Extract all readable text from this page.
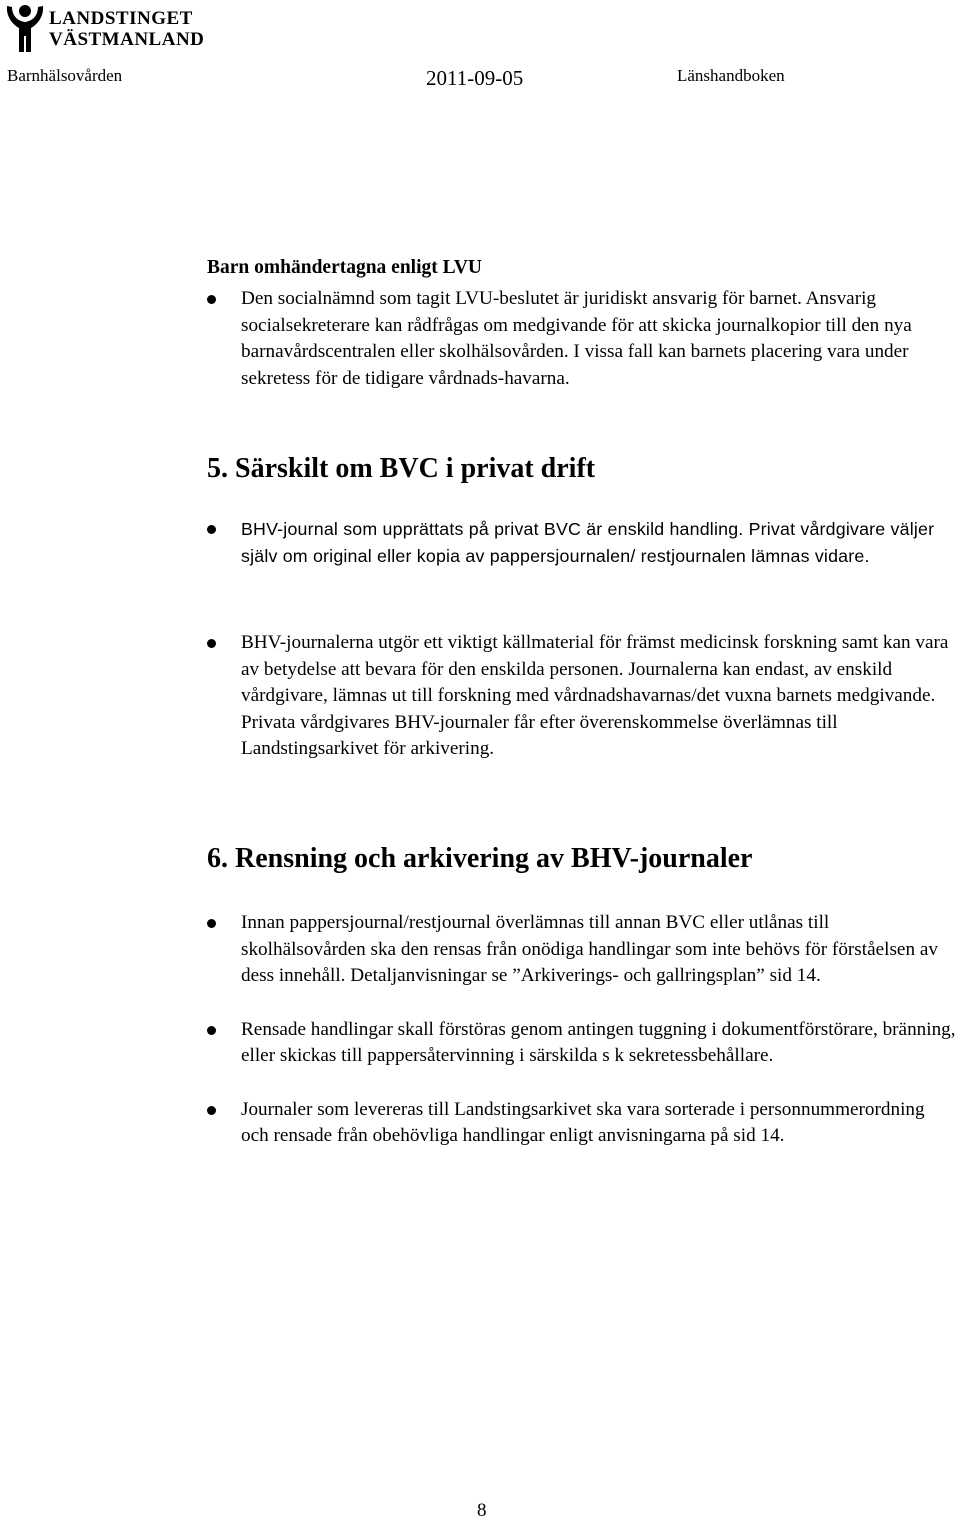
LANDSTINGET
VÄSTMANLAND
Barnhälsovården	2011-09-05	Länshandboken

Barn omhändertagna enligt LVU

Den socialnämnd som tagit LVU-beslutet är juridiskt ansvarig för barnet. Ansvarig socialsekreterare kan rådfrågas om medgivande för att skicka journalkopior till den nya barnavårdscentralen eller skolhälsovården. I vissa fall kan barnets placering vara under sekretess för de tidigare vårdnads-havarna.
5. Särskilt om BVC i privat drift
BHV-journal som upprättats på privat BVC är enskild handling. Privat vårdgivare väljer själv om original eller kopia av pappersjournalen/ restjournalen lämnas vidare.
BHV-journalerna utgör ett viktigt källmaterial för främst medicinsk forskning samt kan vara av betydelse att bevara för den enskilda personen. Journalerna kan endast, av enskild vårdgivare, lämnas ut till forskning med vårdnadshavarnas/det vuxna barnets medgivande. Privata vårdgivares BHV-journaler får efter överenskommelse överlämnas till Landstingsarkivet för arkivering.
6. Rensning och arkivering av BHV-journaler
Innan pappersjournal/restjournal överlämnas till annan BVC eller utlånas till skolhälsovården ska den rensas från onödiga handlingar som inte behövs för förståelsen av dess innehåll. Detaljanvisningar se ”Arkiverings- och gallringsplan” sid 14.
Rensade handlingar skall förstöras genom antingen tuggning i dokumentförstörare, bränning, eller skickas till pappersåtervinning i särskilda s k sekretessbehållare.
Journaler som levereras till Landstingsarkivet ska vara sorterade i personnummerordning och rensade från obehövliga handlingar enligt anvisningarna på sid 14.
8
